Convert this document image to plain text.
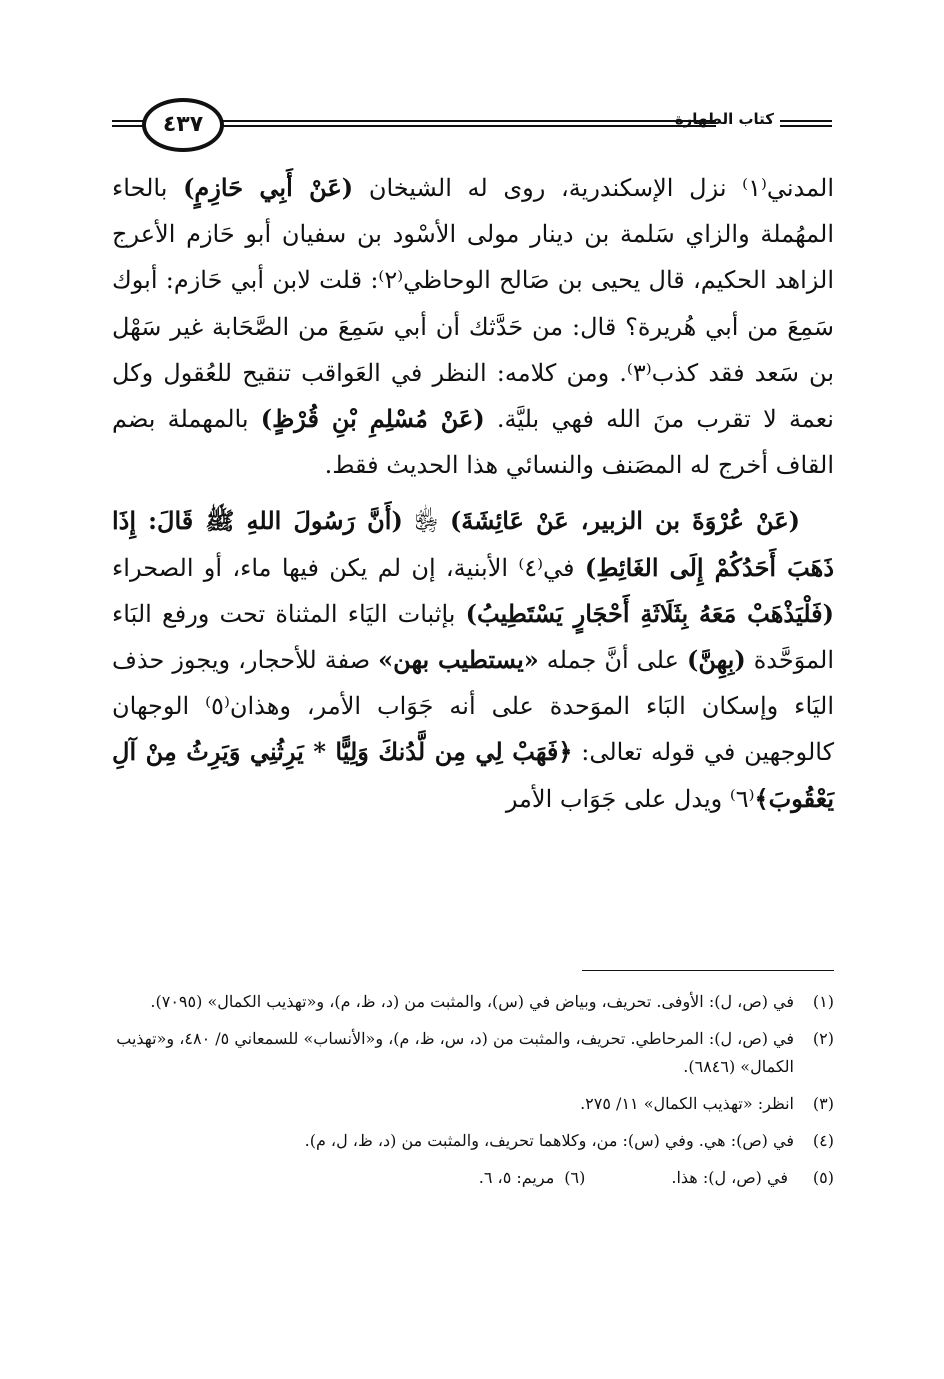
كتاب الطهارة
٤٣٧

المدني⁽١⁾ نزل الإسكندرية، روى له الشيخان (عَنْ أَبِي حَازِمٍ) بالحاء المهُملة والزاي سَلمة بن دينار مولى الأسْود بن سفيان أبو حَازم الأعرج الزاهد الحكيم، قال يحيى بن صَالح الوحاظي⁽٢⁾: قلت لابن أبي حَازم: أبوك سَمِعَ من أبي هُريرة؟ قال: من حَدَّثك أن أبي سَمِعَ من الصَّحَابة غير سَهْل بن سَعد فقد كذب⁽٣⁾. ومن كلامه: النظر في العَواقب تنقيح للعُقول وكل نعمة لا تقرب منَ الله فهي بليَّة. (عَنْ مُسْلِمِ بْنِ قُرْظٍ) بالمهملة بضم القاف أخرج له المصَنف والنسائي هذا الحديث فقط.

(عَنْ عُرْوَةَ بن الزبير، عَنْ عَائِشَةَ) ﵂ (أَنَّ رَسُولَ اللهِ ﷺ قَالَ: إِذَا ذَهَبَ أَحَدُكُمْ إِلَى الغَائِطِ) في⁽٤⁾ الأبنية، إن لم يكن فيها ماء، أو الصحراء (فَلْيَذْهَبْ مَعَهُ بِثَلَاثَةِ أَحْجَارٍ يَسْتَطِيبُ) بإثبات اليَاء المثناة تحت ورفع البَاء الموَحَّدة (بِهِنَّ) على أنَّ جمله «يستطيب بهن» صفة للأحجار، ويجوز حذف اليَاء وإسكان البَاء الموَحدة على أنه جَوَاب الأمر، وهذان⁽٥⁾ الوجهان كالوجهين في قوله تعالى: ﴿فَهَبْ لِي مِن لَّدُنكَ وَلِيًّا * يَرِثُنِي وَيَرِثُ مِنْ آلِ يَعْقُوبَ﴾⁽٦⁾ ويدل على جَوَاب الأمر

(١)
في (ص، ل): الأوفى. تحريف، وبياض في (س)، والمثبت من (د، ظ، م)، و«تهذيب الكمال» (٧٠٩٥).
(٢)
في (ص، ل): المرحاطي. تحريف، والمثبت من (د، س، ظ، م)، و«الأنساب» للسمعاني ٥/ ٤٨٠، و«تهذيب الكمال» (٦٨٤٦).
(٣)
انظر: «تهذيب الكمال» ١١/ ٢٧٥.
(٤)
في (ص): هي. وفي (س): من، وكلاهما تحريف، والمثبت من (د، ظ، ل، م).
(٥)
في (ص، ل): هذا.
(٦)
مريم: ٥، ٦.
